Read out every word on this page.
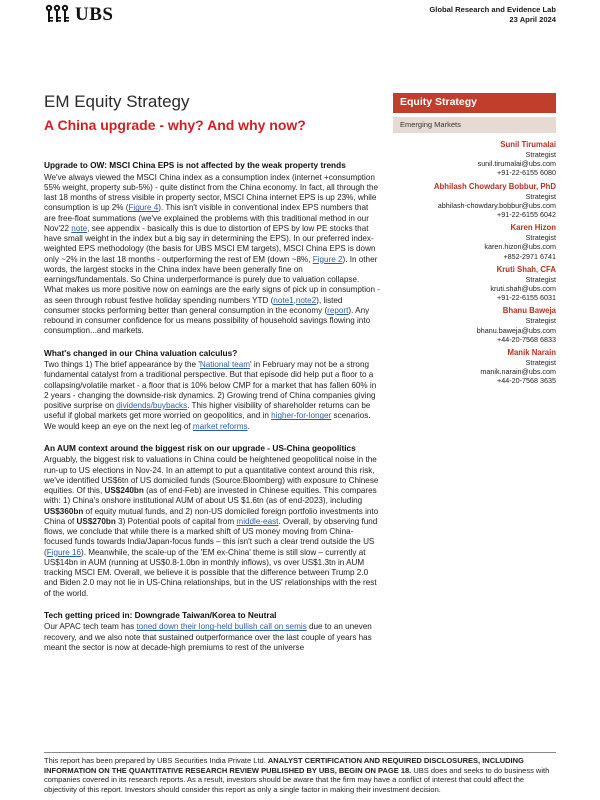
UBS	Global Research and Evidence Lab
23 April 2024
EM Equity Strategy
A China upgrade - why? And why now?
Equity Strategy
Emerging Markets
Sunil Tirumalai
Strategist
sunil.tirumalai@ubs.com
+91-22-6155 6080
Abhilash Chowdary Bobbur, PhD
Strategist
abhilash-chowdary.bobbur@ubs.com
+91-22-6155 6042
Karen Hizon
Strategist
karen.hizon@ubs.com
+852-2971 6741
Kruti Shah, CFA
Strategist
kruti.shah@ubs.com
+91-22-6155 6031
Bhanu Baweja
Strategist
bhanu.baweja@ubs.com
+44-20-7568 6833
Manik Narain
Strategist
manik.narain@ubs.com
+44-20-7568 3635
Upgrade to OW: MSCI China EPS is not affected by the weak property trends

We've always viewed the MSCI China index as a consumption index (internet +consumption 55% weight, property sub-5%) - quite distinct from the China economy. In fact, all through the last 18 months of stress visible in property sector, MSCI China internet EPS is up 23%, while consumption is up 2% (Figure 4). This isn't visible in conventional index EPS numbers that are free-float summations (we've explained the problems with this traditional method in our Nov'22 note, see appendix - basically this is due to distortion of EPS by low PE stocks that have small weight in the index but a big say in determining the EPS). In our preferred index-weighted EPS methodology (the basis for UBS MSCI EM targets), MSCI China EPS is down only ~2% in the last 18 months - outperforming the rest of EM (down ~8%, Figure 2). In other words, the largest stocks in the China index have been generally fine on earnings/fundamentals. So China underperformance is purely due to valuation collapse. What makes us more positive now on earnings are the early signs of pick up in consumption - as seen through robust festive holiday spending numbers YTD (note1,note2), listed consumer stocks performing better than general consumption in the economy (report). Any rebound in consumer confidence for us means possibility of household savings flowing into consumption...and markets.

What's changed in our China valuation calculus?

Two things 1) The brief appearance by the 'National team' in February may not be a strong fundamental catalyst from a traditional perspective. But that episode did help put a floor to a collapsing/volatile market - a floor that is 10% below CMP for a market that has fallen 60% in 2 years - changing the downside-risk dynamics. 2) Growing trend of China companies giving positive surprise on dividends/buybacks. This higher visibility of shareholder returns can be useful if global markets get more worried on geopolitics, and in higher-for-longer scenarios. We would keep an eye on the next leg of market reforms.

An AUM context around the biggest risk on our upgrade - US-China geopolitics

Arguably, the biggest risk to valuations in China could be heightened geopolitical noise in the run-up to US elections in Nov-24. In an attempt to put a quantitative context around this risk, we've identified US$6tn of US domiciled funds (Source:Bloomberg) with exposure to Chinese equities. Of this, US$240bn (as of end-Feb) are invested in Chinese equities. This compares with: 1) China's onshore institutional AUM of about US $1.6tn (as of end-2023), including US$360bn of equity mutual funds, and 2) non-US domiciled foreign portfolio investments into China of US$270bn 3) Potential pools of capital from middle-east. Overall, by observing fund flows, we conclude that while there is a marked shift of US money moving from China-focused funds towards India/Japan-focus funds – this isn't such a clear trend outside the US (Figure 16). Meanwhile, the scale-up of the 'EM ex-China' theme is still slow – currently at US$14bn in AUM (running at US$0.8-1.0bn in monthly inflows), vs over US$1.3tn in AUM tracking MSCI EM. Overall, we believe it is possible that the difference between Trump 2.0 and Biden 2.0 may not lie in US-China relationships, but in the US' relationships with the rest of the world.

Tech getting priced in: Downgrade Taiwan/Korea to Neutral

Our APAC tech team has toned down their long-held bullish call on semis due to an uneven recovery, and we also note that sustained outperformance over the last couple of years has meant the sector is now at decade-high premiums to rest of the universe

This report has been prepared by UBS Securities India Private Ltd. ANALYST CERTIFICATION AND REQUIRED DISCLOSURES, INCLUDING INFORMATION ON THE QUANTITATIVE RESEARCH REVIEW PUBLISHED BY UBS, BEGIN ON PAGE 18. UBS does and seeks to do business with companies covered in its research reports. As a result, investors should be aware that the firm may have a conflict of interest that could affect the objectivity of this report. Investors should consider this report as only a single factor in making their investment decision.
